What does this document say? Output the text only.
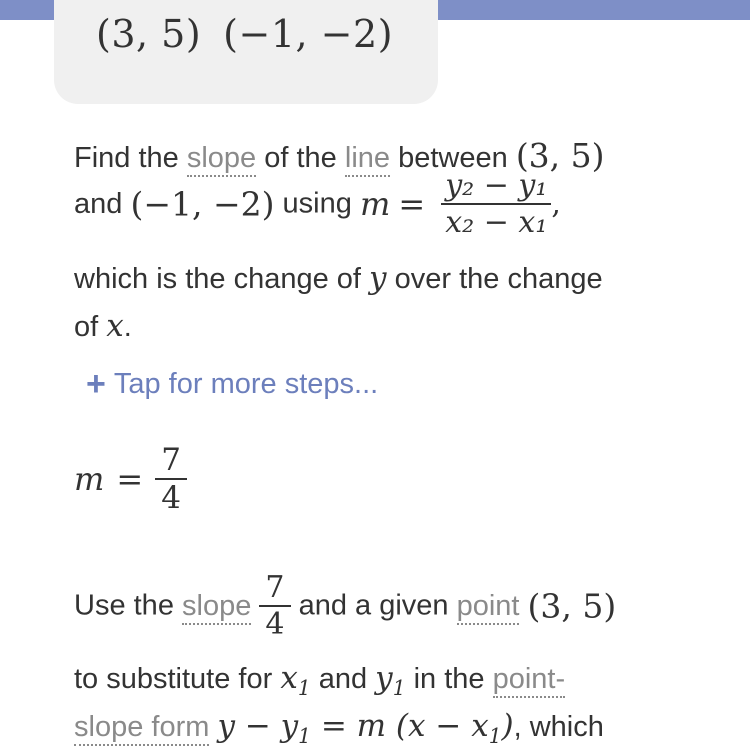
(3, 5) (−1, −2)
Find the slope of the line between (3, 5)
and (−1, −2) using $m = \frac{\text{y₂ − y₁}}{\text{x₂ − x₁}}$ ,
which is the change of y over the change
of x.
+ Tap for more steps...
$m = \frac{7}{4}$
Use the slope $\frac{7}{4}$ and a given point (3, 5)
to substitute for $x_1$ and $y_1$ in the point-
slope form $y - y_1 = m$ $(x - x_1)$, which
